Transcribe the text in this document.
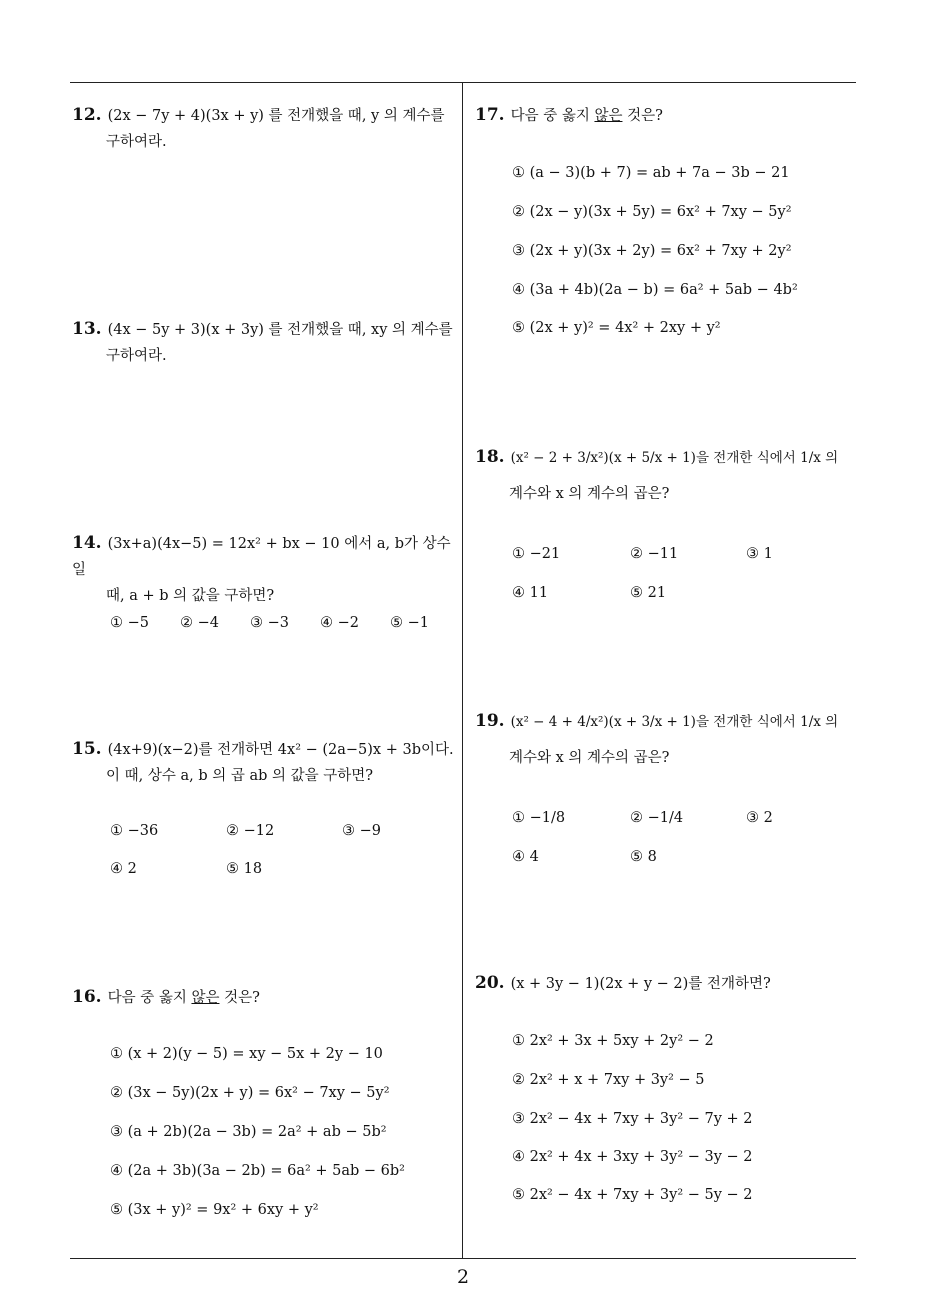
12. (2x − 7y + 4)(3x + y) 를 전개했을 때, y 의 계수를

구하여라.
13. (4x − 5y + 3)(x + 3y) 를 전개했을 때, xy 의 계수를

구하여라.
14. (3x+a)(4x−5) = 12x² + bx − 10 에서 a, b가 상수일

때, a + b 의 값을 구하면?
① −5 ② −4 ③ −3 ④ −2 ⑤ −1
15. (4x+9)(x−2)를 전개하면 4x² − (2a−5)x + 3b이다.

이 때, 상수 a, b 의 곱 ab 의 값을 구하면?
① −36	② −12	③ −9
④ 2	⑤ 18
16. 다음 중 옳지 않은 것은?
① (x + 2)(y − 5) = xy − 5x + 2y − 10
② (3x − 5y)(2x + y) = 6x² − 7xy − 5y²
③ (a + 2b)(2a − 3b) = 2a² + ab − 5b²
④ (2a + 3b)(3a − 2b) = 6a² + 5ab − 6b²
⑤ (3x + y)² = 9x² + 6xy + y²
17. 다음 중 옳지 않은 것은?
① (a − 3)(b + 7) = ab + 7a − 3b − 21
② (2x − y)(3x + 5y) = 6x² + 7xy − 5y²
③ (2x + y)(3x + 2y) = 6x² + 7xy + 2y²
④ (3a + 4b)(2a − b) = 6a² + 5ab − 4b²
⑤ (2x + y)² = 4x² + 2xy + y²
18. (x² − 2 + 3/x²)(x + 5/x + 1)을 전개한 식에서 1/x 의

계수와 x 의 계수의 곱은?
① −21	② −11	③ 1
④ 11	⑤ 21
19. (x² − 4 + 4/x²)(x + 3/x + 1)을 전개한 식에서 1/x 의

계수와 x 의 계수의 곱은?
① −1/8	② −1/4	③ 2
④ 4	⑤ 8
20. (x + 3y − 1)(2x + y − 2)를 전개하면?
① 2x² + 3x + 5xy + 2y² − 2
② 2x² + x + 7xy + 3y² − 5
③ 2x² − 4x + 7xy + 3y² − 7y + 2
④ 2x² + 4x + 3xy + 3y² − 3y − 2
⑤ 2x² − 4x + 7xy + 3y² − 5y − 2
2
